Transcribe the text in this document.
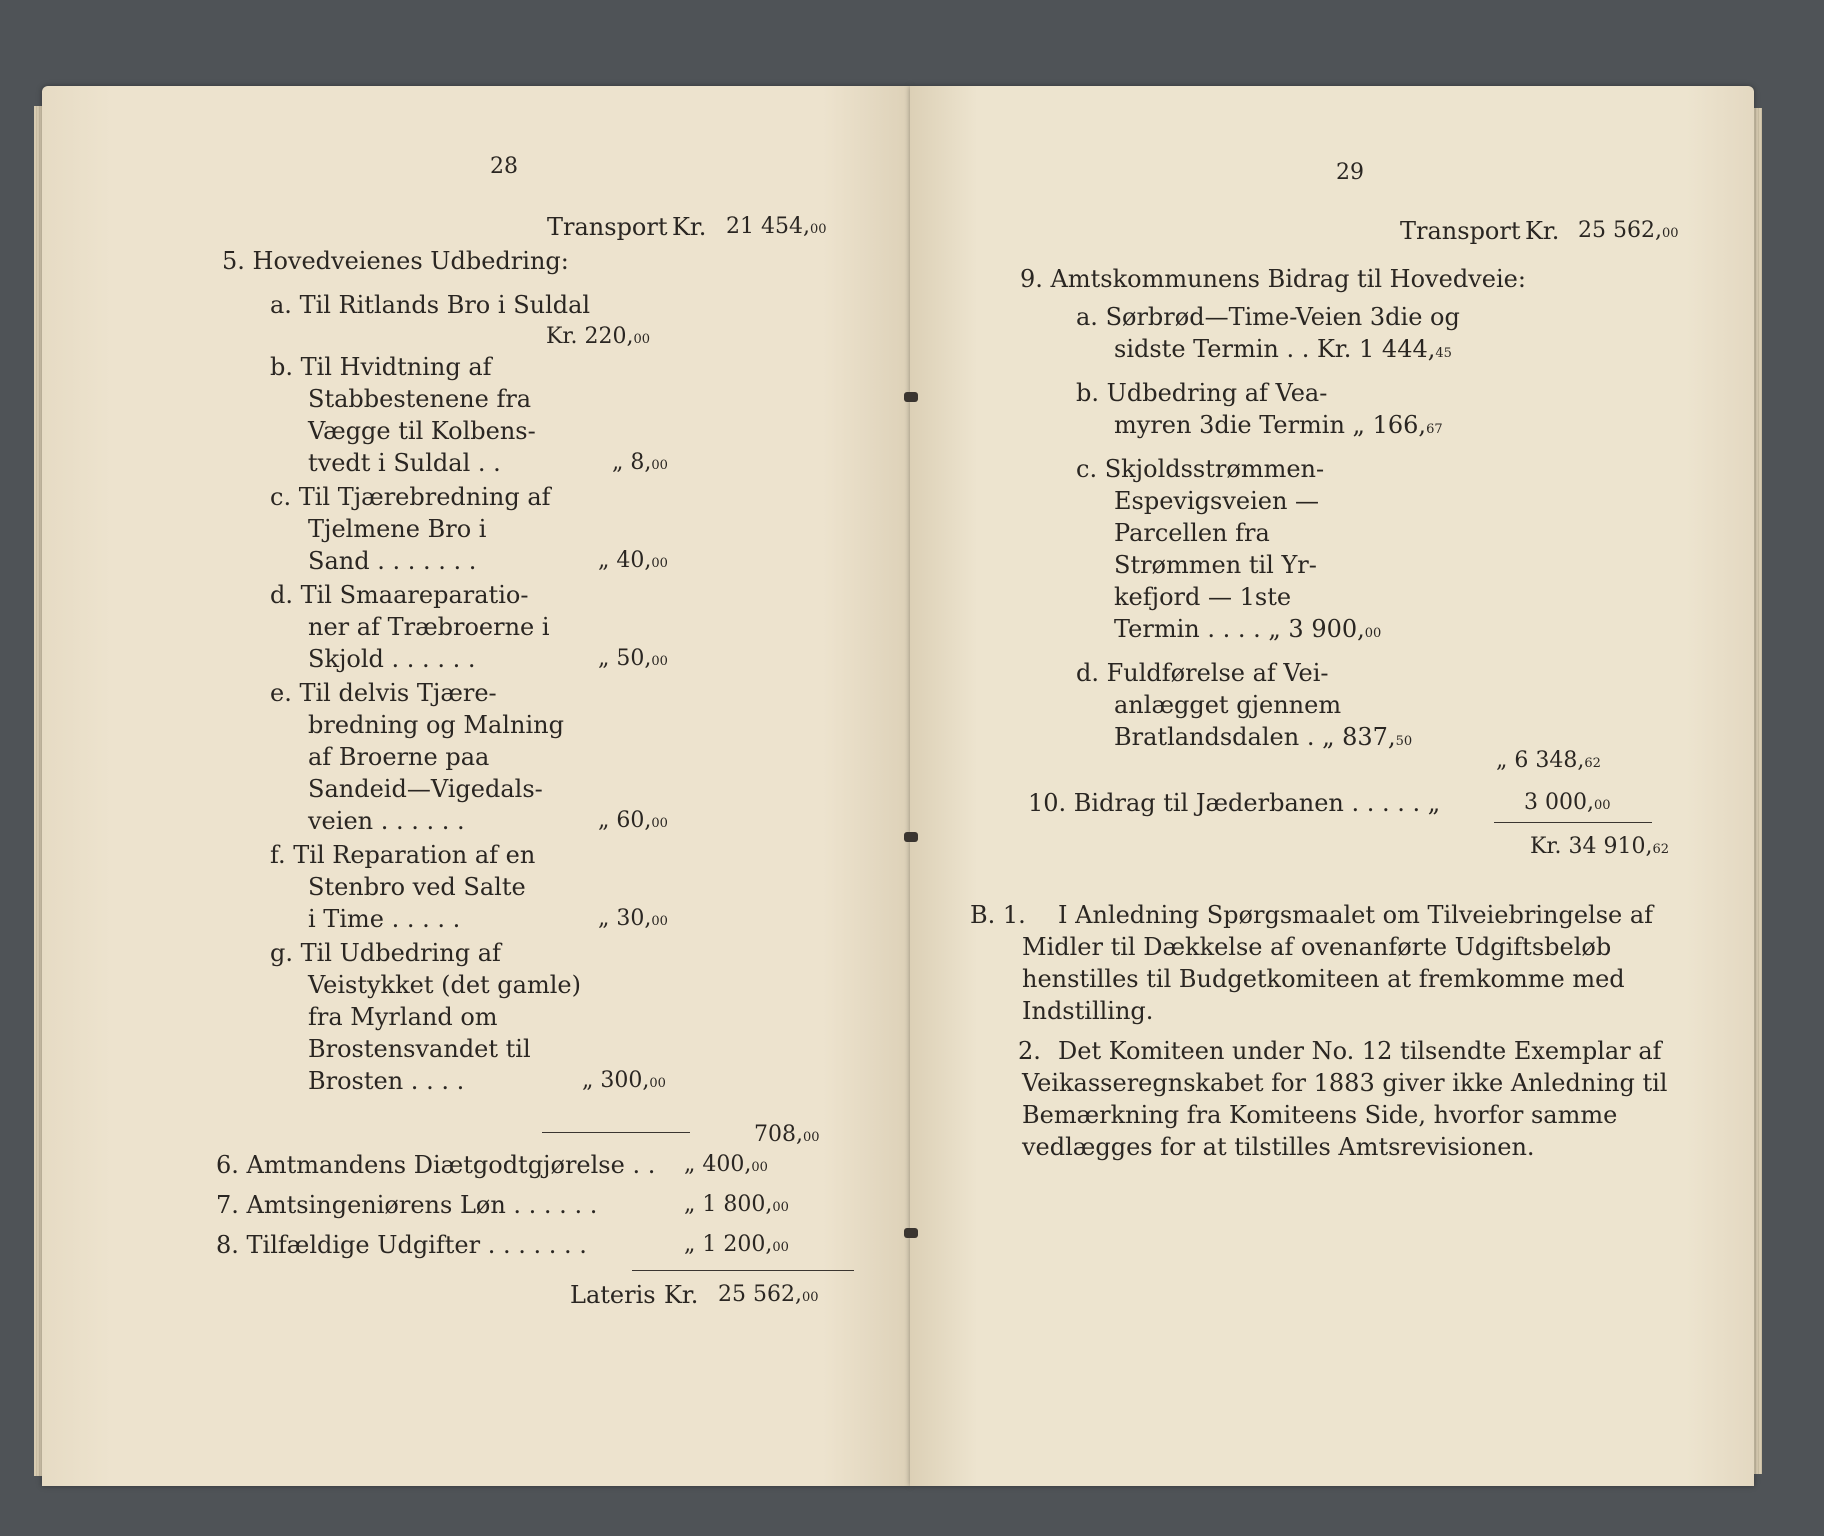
28
Transport Kr. 21 454,00
5. Hovedveienes Udbedring:
a. Til Ritlands Bro i Suldal
Kr. 220,00
b. Til Hvidtning af
Stabbestenene fra
Vægge til Kolbens-
tvedt i Suldal . .	„ 8,00
c. Til Tjærebredning af
Tjelmene Bro i
Sand . . . . . . .	„ 40,00
d. Til Smaareparatio-
ner af Træbroerne i
Skjold . . . . . .	„ 50,00
e. Til delvis Tjære-
bredning og Malning
af Broerne paa
Sandeid—Vigedals-
veien . . . . . .	„ 60,00
f. Til Reparation af en
Stenbro ved Salte
i Time . . . . .	„ 30,00
g. Til Udbedring af
Veistykket (det gamle)
fra Myrland om
Brostensvandet til
Brosten . . . .	„ 300,00
708,00
6. Amtmandens Diætgodtgjørelse . . „ 400,00
7. Amtsingeniørens Løn . . . . . .	„ 1 800,00
8. Tilfældige Udgifter . . . . . . .	„ 1 200,00
Lateris Kr. 25 562,00
29
Transport Kr. 25 562,00
9. Amtskommunens Bidrag til Hovedveie:
a. Sørbrød—Time-Veien 3die og
sidste Termin . . Kr. 1 444,45
b. Udbedring af Vea-
myren 3die Termin „ 166,67
c. Skjoldsstrømmen-
Espevigsveien —
Parcellen fra
Strømmen til Yr-
kefjord — 1ste
Termin . . . . „ 3 900,00
d. Fuldførelse af Vei-
anlægget gjennem
Bratlandsdalen . „ 837,50
„ 6 348,62
10. Bidrag til Jæderbanen . . . . . „	3 000,00
Kr. 34 910,62
B. 1. I Anledning Spørgsmaalet om Tilveiebringelse af
Midler til Dækkelse af ovenanførte Udgiftsbeløb
henstilles til Budgetkomiteen at fremkomme med
Indstilling.
2. Det Komiteen under No. 12 tilsendte Exemplar af
Veikasseregnskabet for 1883 giver ikke Anledning til
Bemærkning fra Komiteens Side, hvorfor samme
vedlægges for at tilstilles Amtsrevisionen.
